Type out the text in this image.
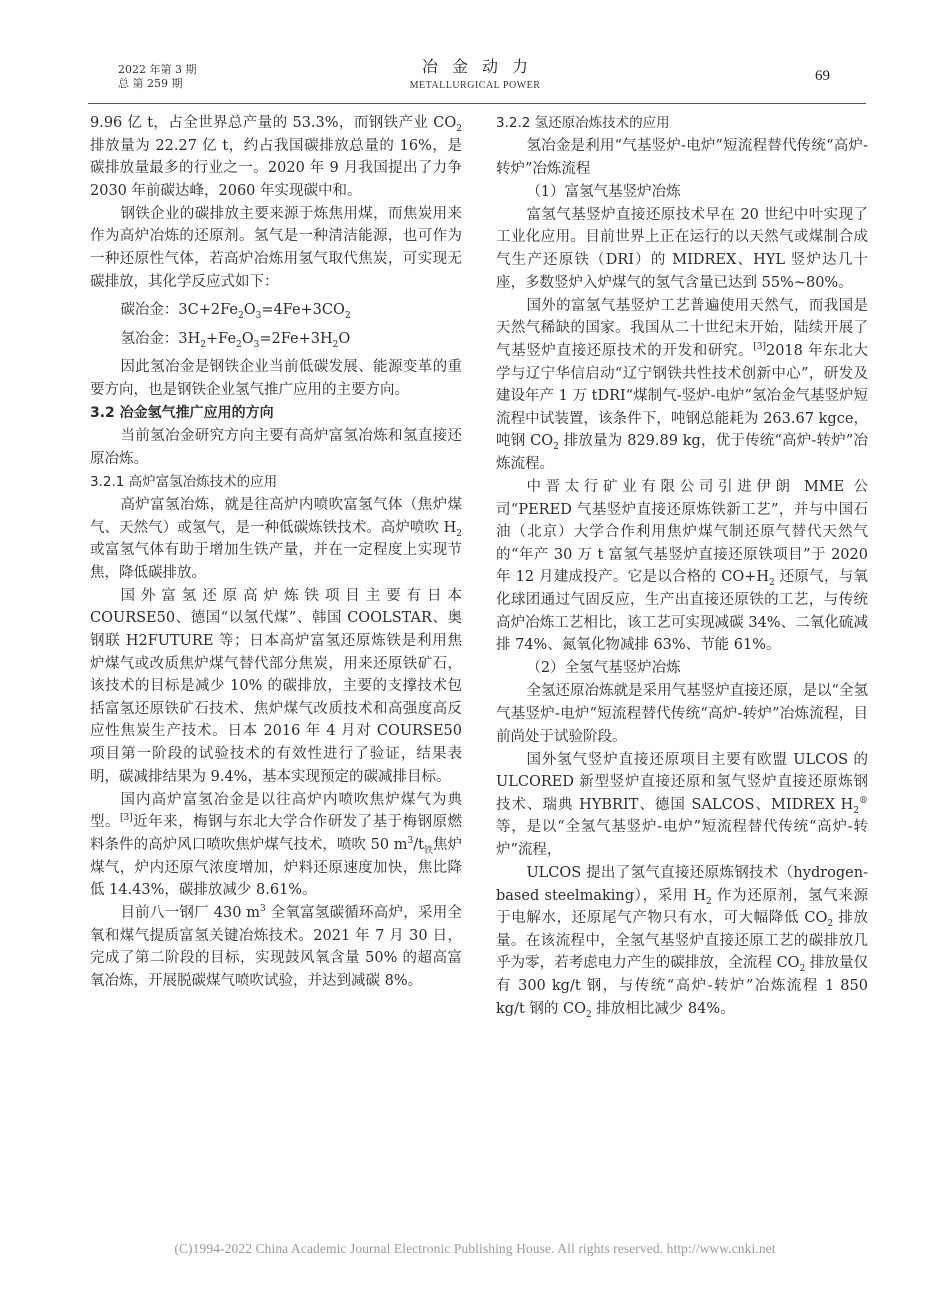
2022 年第 3 期
总 第 259 期
冶金动力
METALLURGICAL POWER
69

9.96 亿 t，占全世界总产量的 53.3%，而钢铁产业 $CO_2$ 排放量为 22.27 亿 t，约占我国碳排放总量的 16%，是碳排放量最多的行业之一。2020 年 9 月我国提出了力争 2030 年前碳达峰，2060 年实现碳中和。

钢铁企业的碳排放主要来源于炼焦用煤，而焦炭用来作为高炉冶炼的还原剂。氢气是一种清洁能源，也可作为一种还原性气体，若高炉冶炼用氢气取代焦炭，可实现无碳排放，其化学反应式如下：

碳冶金：$3C+2Fe_2O_3=4Fe+3CO_2$

氢冶金：$3H_2+Fe_2O_3=2Fe+3H_2O$

因此氢冶金是钢铁企业当前低碳发展、能源变革的重要方向，也是钢铁企业氢气推广应用的主要方向。

3.2 冶金氢气推广应用的方向

当前氢冶金研究方向主要有高炉富氢冶炼和氢直接还原冶炼。

3.2.1 高炉富氢冶炼技术的应用

高炉富氢冶炼，就是往高炉内喷吹富氢气体（焦炉煤气、天然气）或氢气，是一种低碳炼铁技术。高炉喷吹 $H_2$ 或富氢气体有助于增加生铁产量，并在一定程度上实现节焦，降低碳排放。

国外富氢还原高炉炼铁项目主要有日本 COURSE50、德国“以氢代煤”、韩国 COOLSTAR、奥钢联 H2FUTURE 等；日本高炉富氢还原炼铁是利用焦炉煤气或改质焦炉煤气替代部分焦炭，用来还原铁矿石，该技术的目标是减少 10% 的碳排放，主要的支撑技术包括富氢还原铁矿石技术、焦炉煤气改质技术和高强度高反应性焦炭生产技术。日本 2016 年 4 月对 COURSE50 项目第一阶段的试验技术的有效性进行了验证，结果表明，碳减排结果为 9.4%，基本实现预定的碳减排目标。

国内高炉富氢冶金是以往高炉内喷吹焦炉煤气为典型。[3]近年来，梅钢与东北大学合作研发了基于梅钢原燃料条件的高炉风口喷吹焦炉煤气技术，喷吹 50 $m^3/t_铁$焦炉煤气，炉内还原气浓度增加，炉料还原速度加快，焦比降低 14.43%，碳排放减少 8.61%。

目前八一钢厂 430 $m^3$ 全氧富氢碳循环高炉，采用全氧和煤气提质富氢关键冶炼技术。2021 年 7 月 30 日，完成了第二阶段的目标，实现鼓风氧含量 50% 的超高富氧冶炼，开展脱碳煤气喷吹试验，并达到减碳 8%。

3.2.2 氢还原冶炼技术的应用

氢冶金是利用“气基竖炉-电炉”短流程替代传统“高炉-转炉”冶炼流程

（1）富氢气基竖炉冶炼

富氢气基竖炉直接还原技术早在 20 世纪中叶实现了工业化应用。目前世界上正在运行的以天然气或煤制合成气生产还原铁（DRI）的 MIDREX、HYL 竖炉达几十座，多数竖炉入炉煤气的氢气含量已达到 55%~80%。

国外的富氢气基竖炉工艺普遍使用天然气，而我国是天然气稀缺的国家。我国从二十世纪末开始，陆续开展了气基竖炉直接还原技术的开发和研究。[3]2018 年东北大学与辽宁华信启动“辽宁钢铁共性技术创新中心”，研发及建设年产 1 万 tDRI“煤制气-竖炉-电炉”氢冶金气基竖炉短流程中试装置，该条件下，吨钢总能耗为 263.67 kgce，吨钢 $CO_2$ 排放量为 829.89 kg，优于传统“高炉-转炉”冶炼流程。

中晋太行矿业有限公司引进伊朗 MME 公司“PERED 气基竖炉直接还原炼铁新工艺”，并与中国石油（北京）大学合作利用焦炉煤气制还原气替代天然气的“年产 30 万 t 富氢气基竖炉直接还原铁项目”于 2020 年 12 月建成投产。它是以合格的 $CO+H_2$ 还原气，与氧化球团通过气固反应，生产出直接还原铁的工艺，与传统高炉冶炼工艺相比，该工艺可实现减碳 34%、二氧化硫减排 74%、氮氧化物减排 63%、节能 61%。

（2）全氢气基竖炉冶炼

全氢还原冶炼就是采用气基竖炉直接还原，是以“全氢气基竖炉-电炉”短流程替代传统“高炉-转炉”冶炼流程，目前尚处于试验阶段。

国外氢气竖炉直接还原项目主要有欧盟 ULCOS 的 ULCORED 新型竖炉直接还原和氢气竖炉直接还原炼钢技术、瑞典 HYBRIT、德国 SALCOS、MIDREX $H_2®$等，是以“全氢气基竖炉-电炉”短流程替代传统“高炉-转炉”流程，

ULCOS 提出了氢气直接还原炼钢技术（hydrogen-based steelmaking），采用 $H_2$ 作为还原剂，氢气来源于电解水，还原尾气产物只有水，可大幅降低 $CO_2$ 排放量。在该流程中，全氢气基竖炉直接还原工艺的碳排放几乎为零，若考虑电力产生的碳排放，全流程 $CO_2$ 排放量仅有 300 kg/t 钢，与传统“高炉-转炉”冶炼流程 1 850 kg/t 钢的 $CO_2$ 排放相比减少 84%。

(C)1994-2022 China Academic Journal Electronic Publishing House. All rights reserved. http://www.cnki.net
